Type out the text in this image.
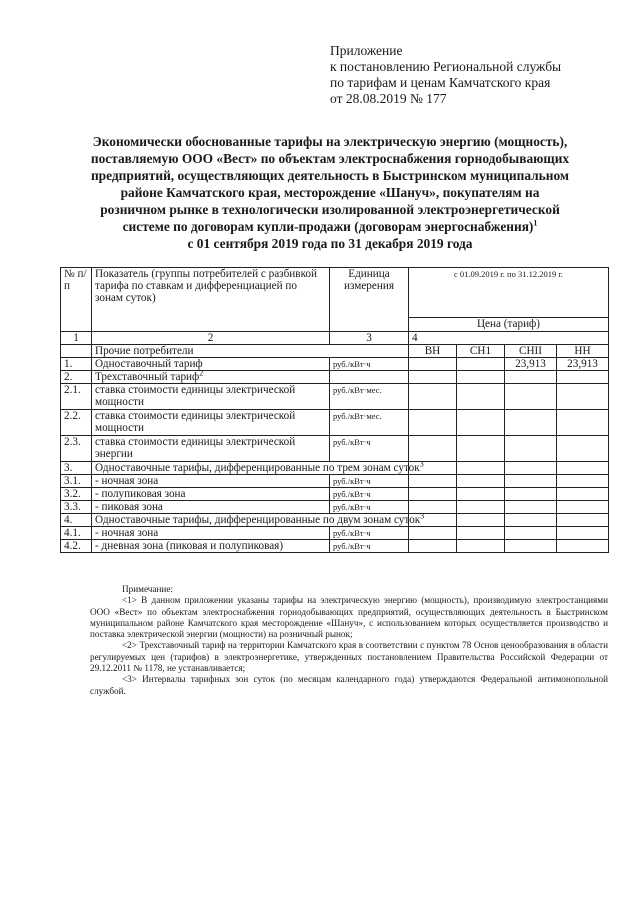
Приложение
к постановлению Региональной службы
по тарифам и ценам Камчатского края
от 28.08.2019 № 177
Экономически обоснованные тарифы на электрическую энергию (мощность),
поставляемую ООО «Вест» по объектам электроснабжения горнодобывающих
предприятий, осуществляющих деятельность в Быстринском муниципальном
районе Камчатского края, месторождение «Шануч», покупателям на
розничном рынке в технологически изолированной электроэнергетической
системе по договорам купли-продажи (договорам энергоснабжения)$^1$
с 01 сентября 2019 года по 31 декабря 2019 года
№ п/п	Показатель (группы потребителей с разбивкой тарифа по ставкам и дифференциацией по зонам суток)	Единица измерения	с 01.09.2019 г. по 31.12.2019 г.			
			Цена (тариф)			
1	2	3	4			
	Прочие потребители		ВН	СН1	СНII	НН
1.	Одноставочный тариф	руб./кВт·ч			23,913	23,913
2.	Трехставочный тариф$^2$					
2.1.	ставка стоимости единицы электрической мощности	руб./кВт·мес.				
2.2.	ставка стоимости единицы электрической мощности	руб./кВт·мес.				
2.3.	ставка стоимости единицы электрической энергии	руб./кВт·ч				
3.	Одноставочные тарифы, дифференцированные по трем зонам суток$^3$				
3.1.	- ночная зона	руб./кВт·ч				
3.2.	- полупиковая зона	руб./кВт·ч				
3.3.	- пиковая зона	руб./кВт·ч				
4.	Одноставочные тарифы, дифференцированные по двум зонам суток$^3$				
4.1.	- ночная зона	руб./кВт·ч				
4.2.	- дневная зона (пиковая и полупиковая)	руб./кВт·ч				

Примечание:

<1> В данном приложении указаны тарифы на электрическую энергию (мощность), производимую электростанциями ООО «Вест» по объектам электроснабжения горнодобывающих предприятий, осуществляющих деятельность в Быстринском муниципальном районе Камчатского края месторождение «Шануч», с использованием которых осуществляется производство и поставка электрической энергии (мощности) на розничный рынок;

<2> Трехставочный тариф на территории Камчатского края в соответствии с пунктом 78 Основ ценообразования в области регулируемых цен (тарифов) в электроэнергетике, утвержденных постановлением Правительства Российской Федерации от 29.12.2011 № 1178, не устанавливается;

<3> Интервалы тарифных зон суток (по месяцам календарного года) утверждаются Федеральной антимонопольной службой.
